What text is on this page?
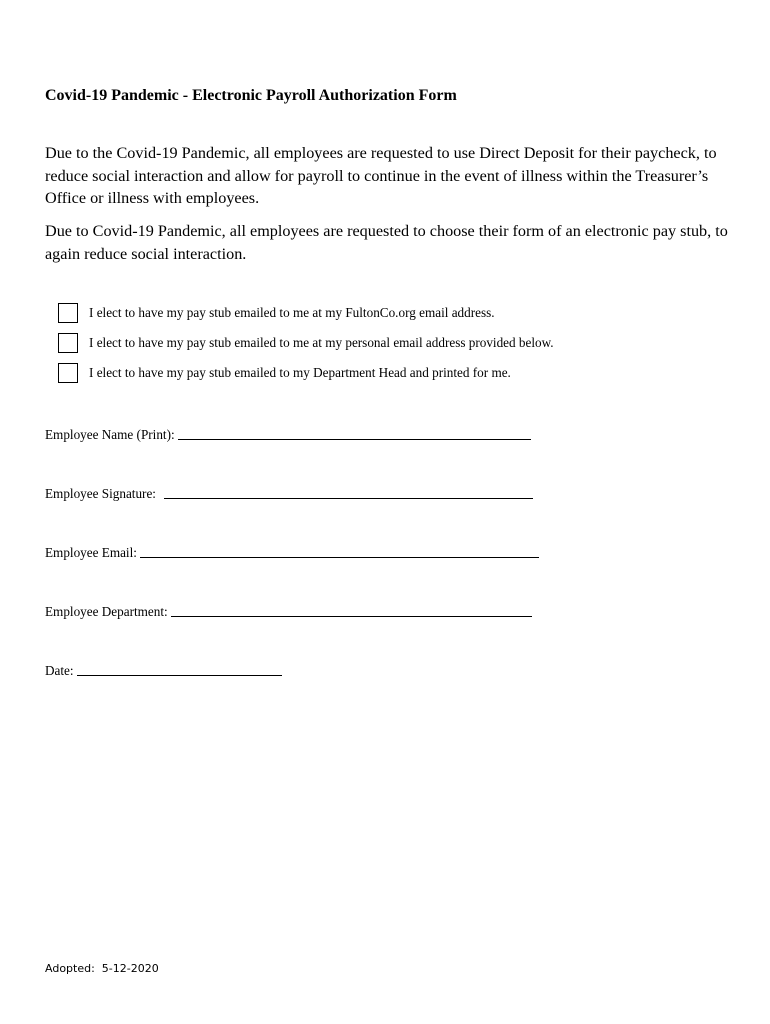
Covid-19 Pandemic - Electronic Payroll Authorization Form
Due to the Covid-19 Pandemic, all employees are requested to use Direct Deposit for their paycheck, to reduce social interaction and allow for payroll to continue in the event of illness within the Treasurer’s Office or illness with employees.
Due to Covid-19 Pandemic, all employees are requested to choose their form of an electronic pay stub, to again reduce social interaction.
I elect to have my pay stub emailed to me at my FultonCo.org email address.
I elect to have my pay stub emailed to me at my personal email address provided below.
I elect to have my pay stub emailed to my Department Head and printed for me.
Employee Name (Print):
Employee Signature:
Employee Email:
Employee Department:
Date:
Adopted:  5-12-2020
